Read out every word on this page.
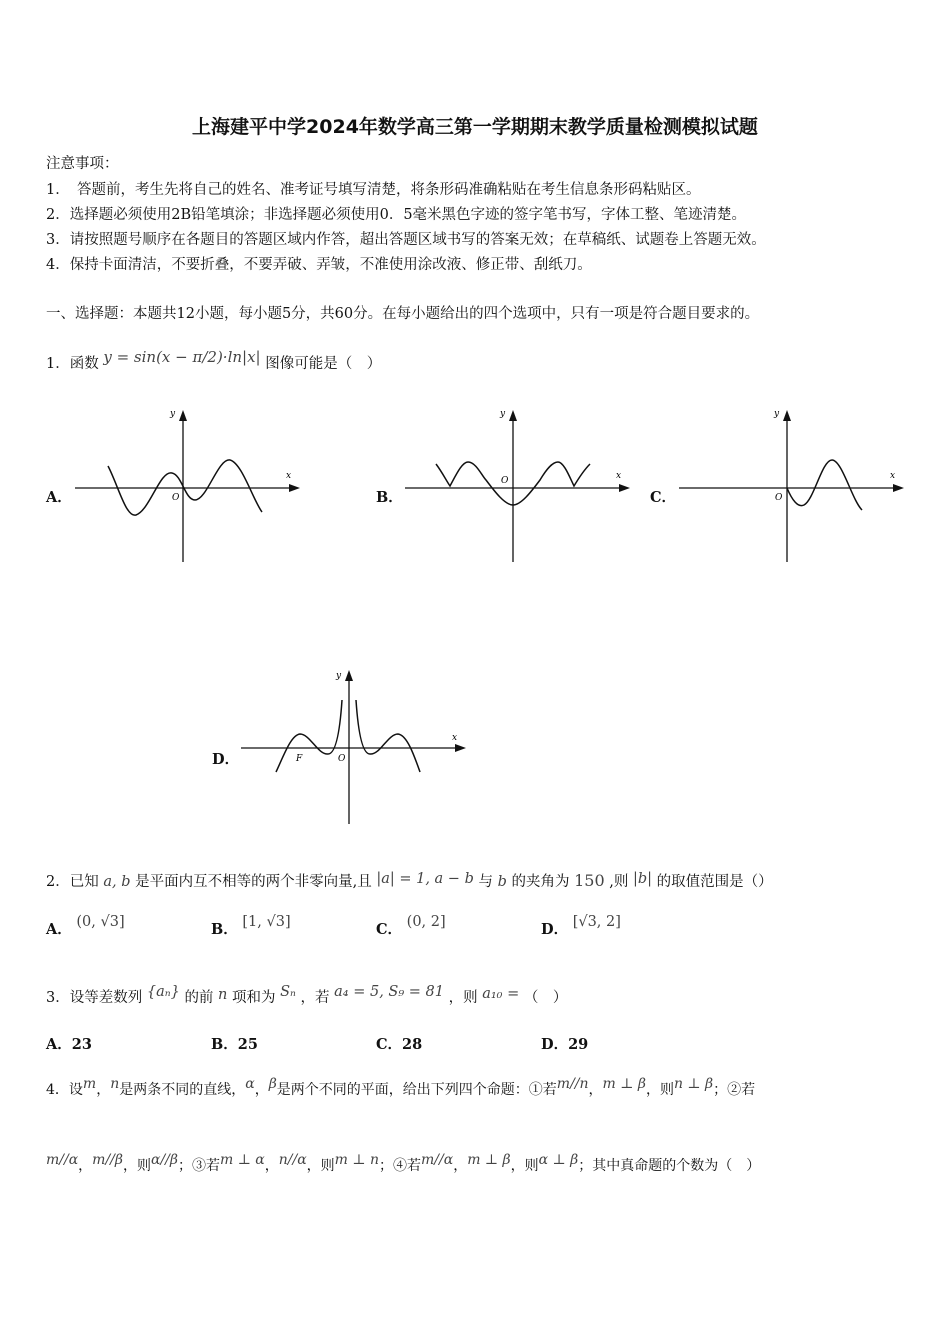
上海建平中学2024年数学高三第一学期期末教学质量检测模拟试题
注意事项：
1．　答题前，考生先将自己的姓名、准考证号填写清楚，将条形码准确粘贴在考生信息条形码粘贴区。
2．选择题必须使用2B铅笔填涂；非选择题必须使用0．5毫米黑色字迹的签字笔书写，字体工整、笔迹清楚。
3．请按照题号顺序在各题目的答题区域内作答，超出答题区域书写的答案无效；在草稿纸、试题卷上答题无效。
4．保持卡面清洁，不要折叠，不要弄破、弄皱，不准使用涂改液、修正带、刮纸刀。
一、选择题：本题共12小题，每小题5分，共60分。在每小题给出的四个选项中，只有一项是符合题目要求的。
1．函数 y = sin(x − π/2)·ln|x| 图像可能是（　）
A．
x
y
O	B．
x
y
O
C．
x
y
O
D．
x
y
O
F
2．已知 a, b 是平面内互不相等的两个非零向量,且 |a| = 1, a − b 与 b 的夹角为 150 ,则 |b| 的取值范围是（）
A． (0, √3]	B． [1, √3]	C． (0, 2]	D． [√3, 2]
3．设等差数列 {aₙ} 的前 n 项和为 Sₙ ，若 a₄ = 5, S₉ = 81 ，则 a₁₀ = （　）
A．23	B．25	C．28	D．29
4．设m，n是两条不同的直线，α，β是两个不同的平面，给出下列四个命题：①若m//n，m ⊥ β，则n ⊥ β；②若
m//α，m//β，则α//β；③若m ⊥ α，n//α，则m ⊥ n；④若m//α，m ⊥ β，则α ⊥ β；其中真命题的个数为（　）
